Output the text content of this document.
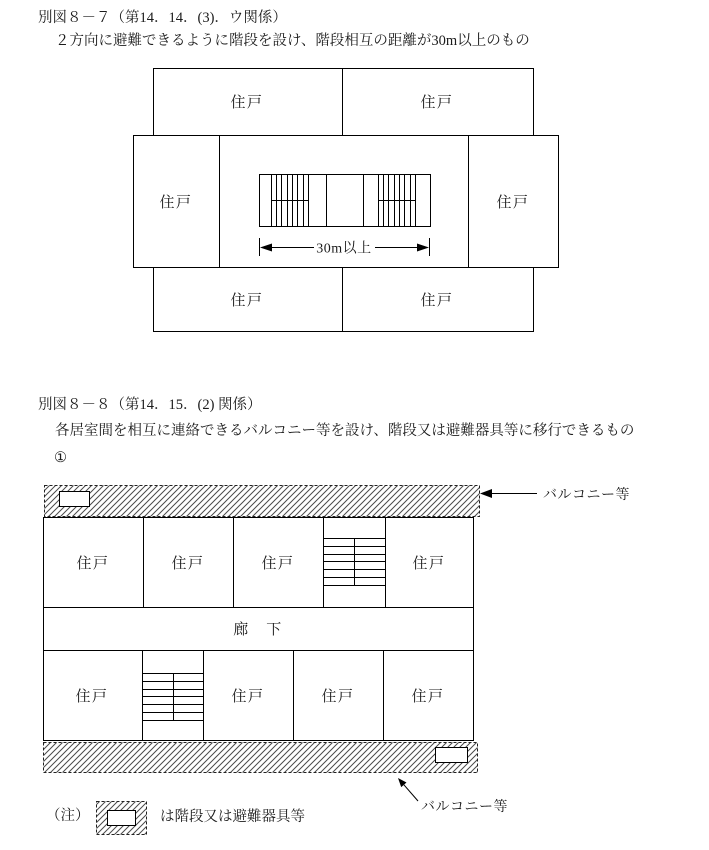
別図８－７（第14．14．(3)．ウ関係）
２方向に避難できるように階段を設け、階段相互の距離が30m以上のもの
30m以上
住戸	住戸
住戸	住戸
住戸	住戸
別図８－８（第14．15．(2) 関係）
各居室間を相互に連絡できるバルコニー等を設け、階段又は避難器具等に移行できるもの
①
バルコニー等
バルコニー等
廊　下
住戸	住戸	住戸	住戸
住戸	住戸	住戸	住戸
（注）	は階段又は避難器具等
